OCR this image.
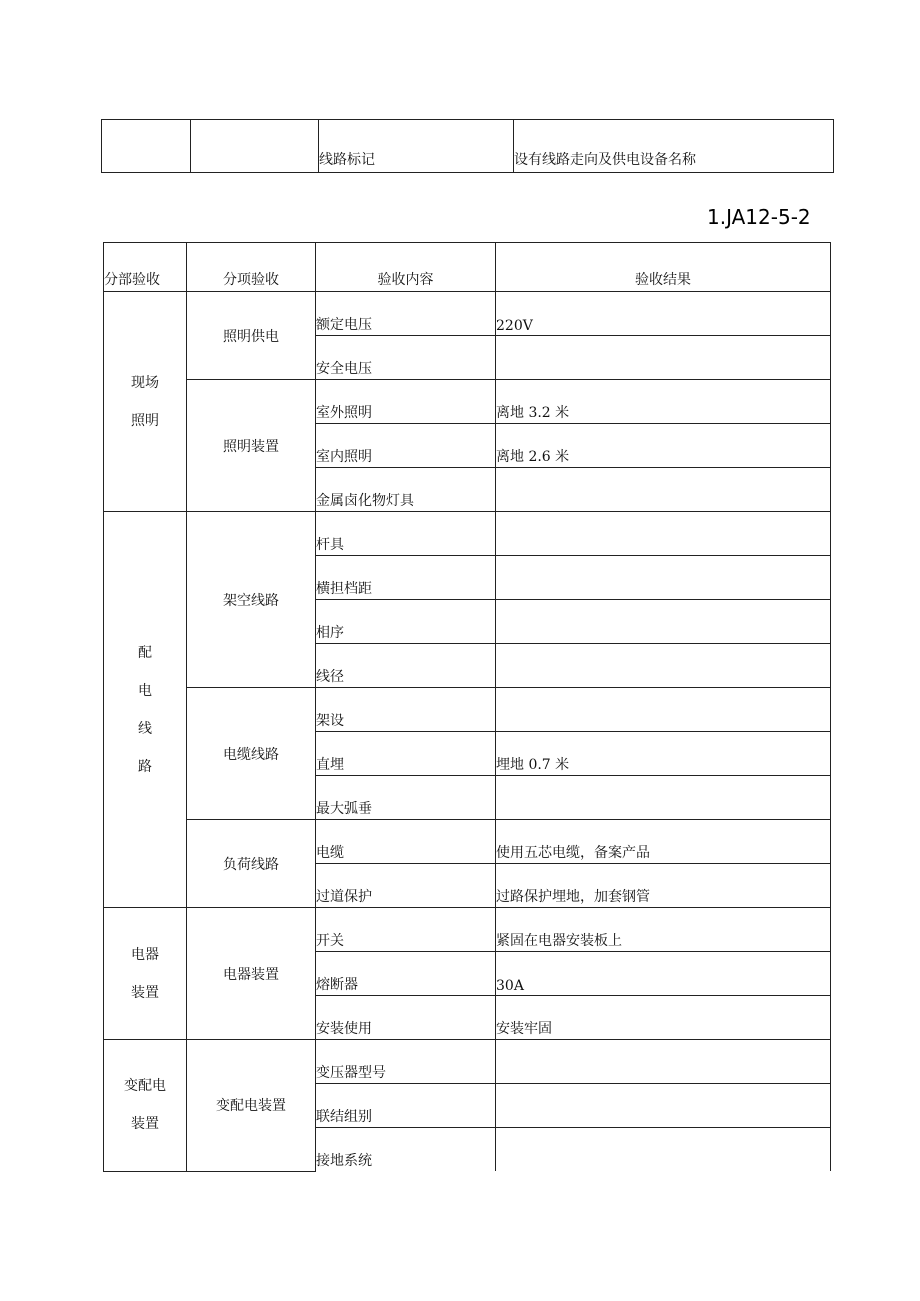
		线路标记	设有线路走向及供电设备名称
1.JA12-5-2
分部验收	分项验收	验收内容	验收结果

现场
照明	照明供电	额定电压	220V
		安全电压	
	照明装置	室外照明	离地 3.2 米
		室内照明	离地 2.6 米
		金属卤化物灯具	

配
电
线
路	架空线路	杆具	
		横担档距	
		相序	
		线径	
	电缆线路	架设	
		直埋	埋地 0.7 米
		最大弧垂	
	负荷线路	电缆	使用五芯电缆，备案产品
		过道保护	过路保护埋地，加套钢管

电器
装置	电器装置	开关	紧固在电器安装板上
		熔断器	30A
		安装使用	安装牢固

变配电
装置	变配电装置	变压器型号	
		联结组别	
		接地系统	
